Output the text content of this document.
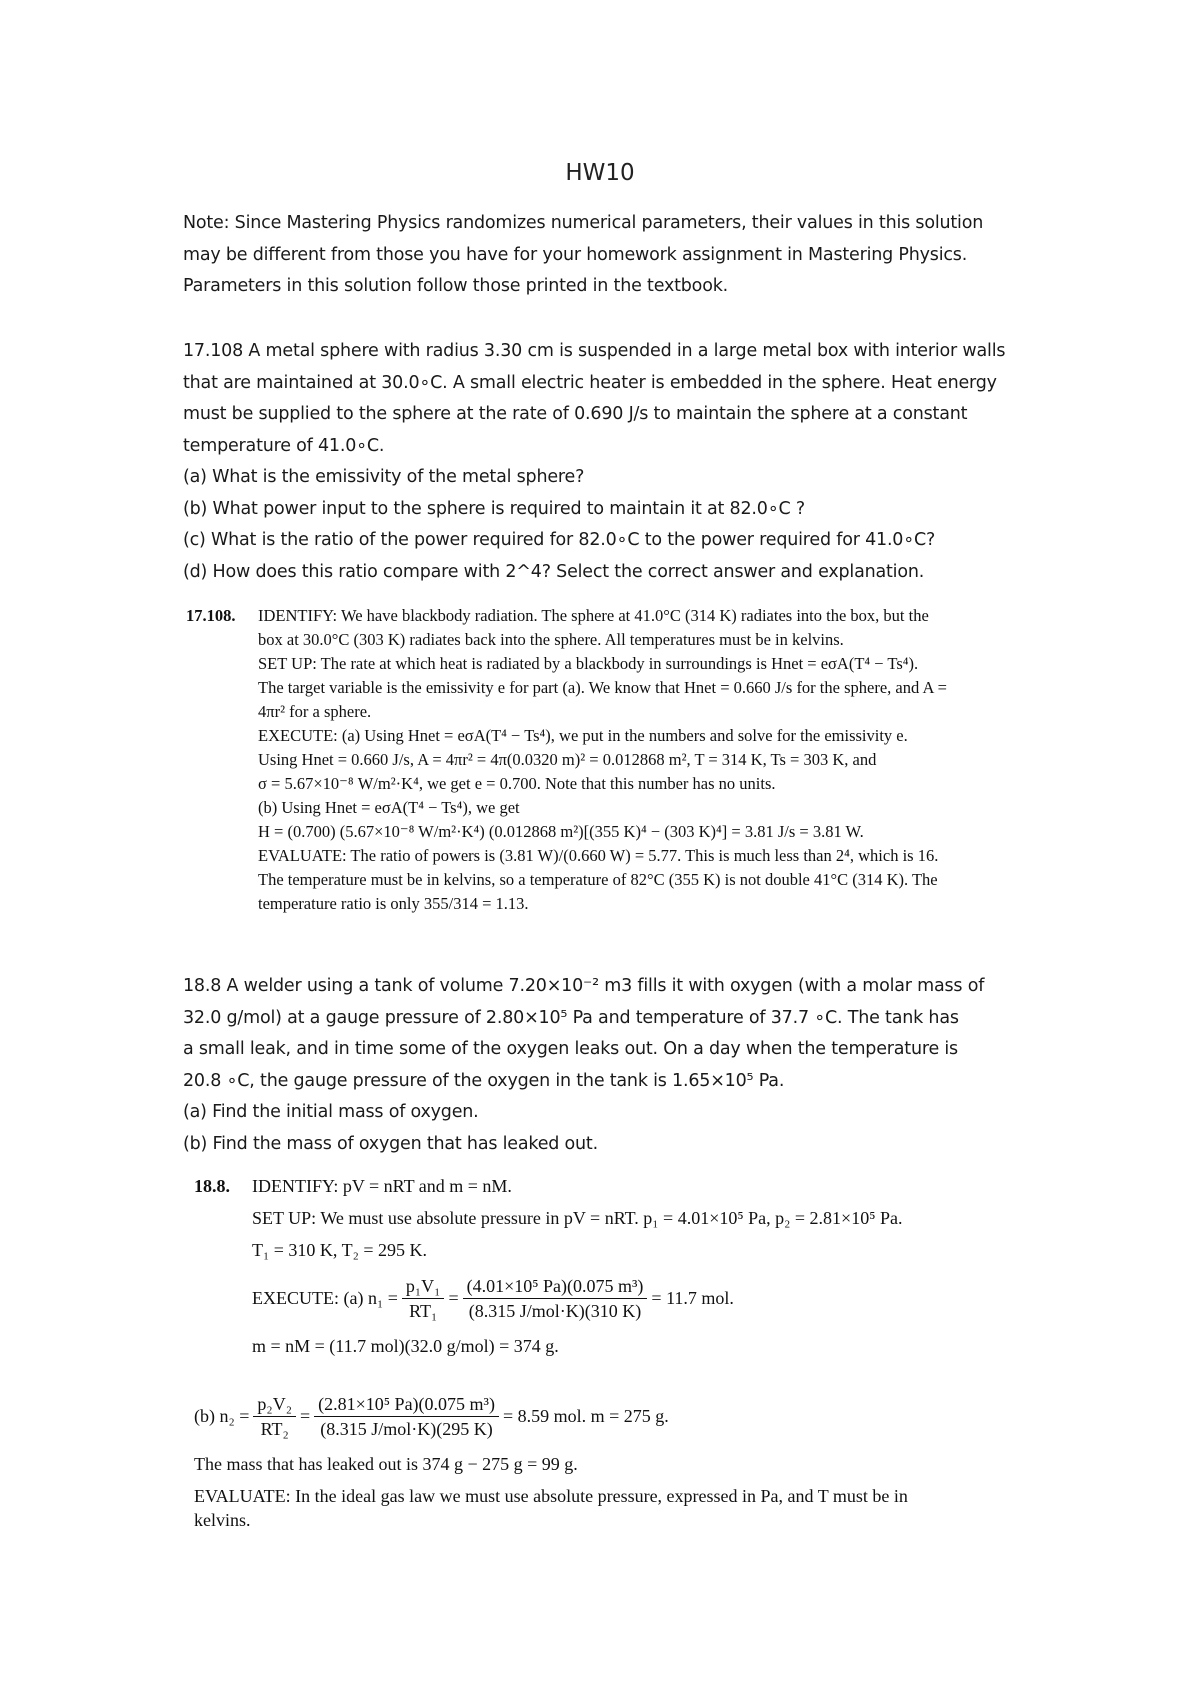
HW10
Note: Since Mastering Physics randomizes numerical parameters, their values in this solution
may be different from those you have for your homework assignment in Mastering Physics.
Parameters in this solution follow those printed in the textbook.
17.108 A metal sphere with radius 3.30 cm is suspended in a large metal box with interior walls
that are maintained at 30.0∘C. A small electric heater is embedded in the sphere. Heat energy
must be supplied to the sphere at the rate of 0.690 J/s to maintain the sphere at a constant
temperature of 41.0∘C.
(a) What is the emissivity of the metal sphere?
(b) What power input to the sphere is required to maintain it at 82.0∘C ?
(c) What is the ratio of the power required for 82.0∘C to the power required for 41.0∘C?
(d) How does this ratio compare with 2^4? Select the correct answer and explanation.
17.108. IDENTIFY: We have blackbody radiation. The sphere at 41.0°C (314 K) radiates into the box, but the
box at 30.0°C (303 K) radiates back into the sphere. All temperatures must be in kelvins.
SET UP: The rate at which heat is radiated by a blackbody in surroundings is Hnet = eσA(T⁴ − Ts⁴).
The target variable is the emissivity e for part (a). We know that Hnet = 0.660 J/s for the sphere, and A =
4πr² for a sphere.
EXECUTE: (a) Using Hnet = eσA(T⁴ − Ts⁴), we put in the numbers and solve for the emissivity e.
Using Hnet = 0.660 J/s, A = 4πr² = 4π(0.0320 m)² = 0.012868 m², T = 314 K, Ts = 303 K, and
σ = 5.67×10⁻⁸ W/m²·K⁴, we get e = 0.700. Note that this number has no units.
(b) Using Hnet = eσA(T⁴ − Ts⁴), we get
H = (0.700) (5.67×10⁻⁸ W/m²·K⁴) (0.012868 m²)[(355 K)⁴ − (303 K)⁴] = 3.81 J/s = 3.81 W.
EVALUATE: The ratio of powers is (3.81 W)/(0.660 W) = 5.77. This is much less than 2⁴, which is 16.
The temperature must be in kelvins, so a temperature of 82°C (355 K) is not double 41°C (314 K). The
temperature ratio is only 355/314 = 1.13.
18.8 A welder using a tank of volume 7.20×10⁻² m3 fills it with oxygen (with a molar mass of
32.0 g/mol) at a gauge pressure of 2.80×10⁵ Pa and temperature of 37.7 ∘C. The tank has
a small leak, and in time some of the oxygen leaks out. On a day when the temperature is
20.8 ∘C, the gauge pressure of the oxygen in the tank is 1.65×10⁵ Pa.
(a) Find the initial mass of oxygen.
(b) Find the mass of oxygen that has leaked out.
18.8. IDENTIFY: pV = nRT and m = nM.
SET UP: We must use absolute pressure in pV = nRT. p₁ = 4.01×10⁵ Pa, p₂ = 2.81×10⁵ Pa.
T₁ = 310 K, T₂ = 295 K.
EXECUTE: (a) $n_1 = \frac{\text{p₁V₁}}{\text{RT₁}} = \frac{\text{(4.01×10⁵ Pa)(0.075 m³)}}{\text{(8.315 J/mol·K)(310 K)}} = 11.7$ mol.
m = nM = (11.7 mol)(32.0 g/mol) = 374 g.
(b) $n_2 = \frac{\text{p₂V₂}}{\text{RT₂}} = \frac{\text{(2.81×10⁵ Pa)(0.075 m³)}}{\text{(8.315 J/mol·K)(295 K)}} = 8.59$ mol. m = 275 g.
The mass that has leaked out is 374 g − 275 g = 99 g.
EVALUATE: In the ideal gas law we must use absolute pressure, expressed in Pa, and T must be in
kelvins.
